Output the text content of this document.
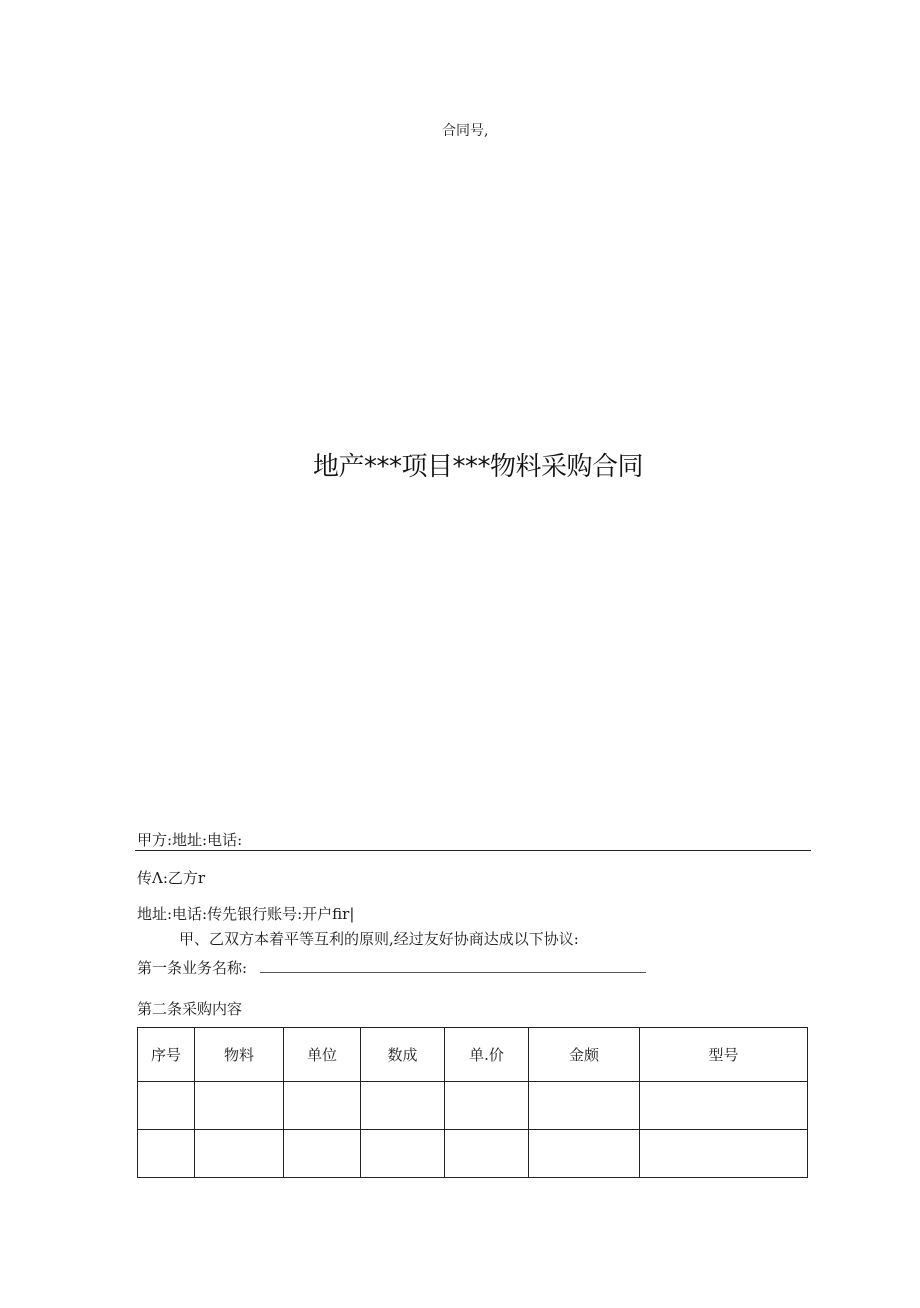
合同号,
地产***项目***物料采购合同
甲方:地址:电话:
传Λ:乙方r
地址:电话:传先银行账号:开户fir|
甲、乙双方本着平等互利的原则,经过友好协商达成以下协议:
第一条业务名称:
第二条采购内容
序号	物料	单位	数成	单.价	金颇	型号
